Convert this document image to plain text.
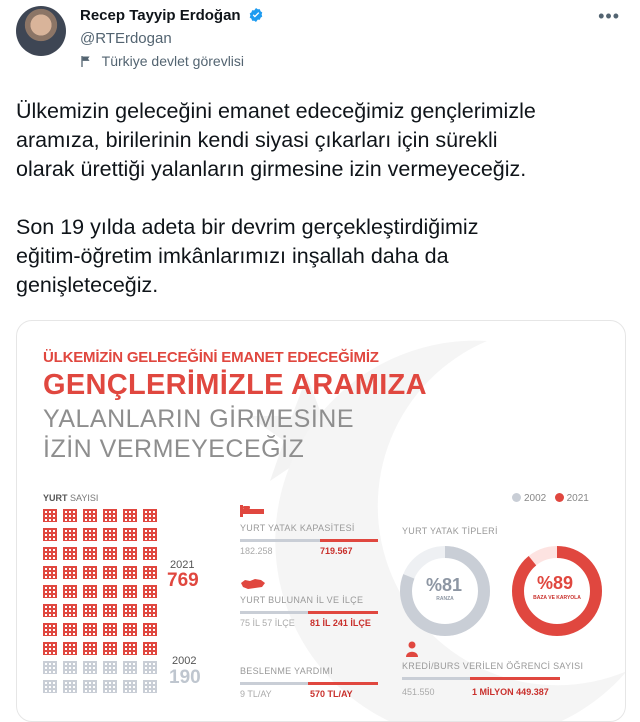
Recep Tayyip Erdoğan
@RTErdogan
Türkiye devlet görevlisi
•••
Ülkemizin geleceğini emanet edeceğimiz gençlerimizle
aramıza, birilerinin kendi siyasi çıkarları için sürekli
olarak ürettiği yalanların girmesine izin vermeyeceğiz.

Son 19 yılda adeta bir devrim gerçekleştirdiğimiz
eğitim-öğretim imkânlarımızı inşallah daha da
genişleteceğiz.
ÜLKEMİZİN GELECEĞİNİ EMANET EDECEĞİMİZ
GENÇLERİMİZLE ARAMIZA
YALANLARIN GİRMESİNE
İZİN VERMEYECEĞİZ
YURT SAYISI
2021
769
2002
190
2002 2021
YURT YATAK KAPASİTESİ
182.258	719.567
YURT BULUNAN İL VE İLÇE
75 İL 57 İLÇE 81 İL 241 İLÇE
BESLENME YARDIMI
9 TL/AY	570 TL/AY
YURT YATAK TİPLERİ
%81
RANZA
%89
BAZA VE KARYOLA
KREDİ/BURS VERİLEN ÖĞRENCİ SAYISI
451.550	1 MİLYON 449.387
